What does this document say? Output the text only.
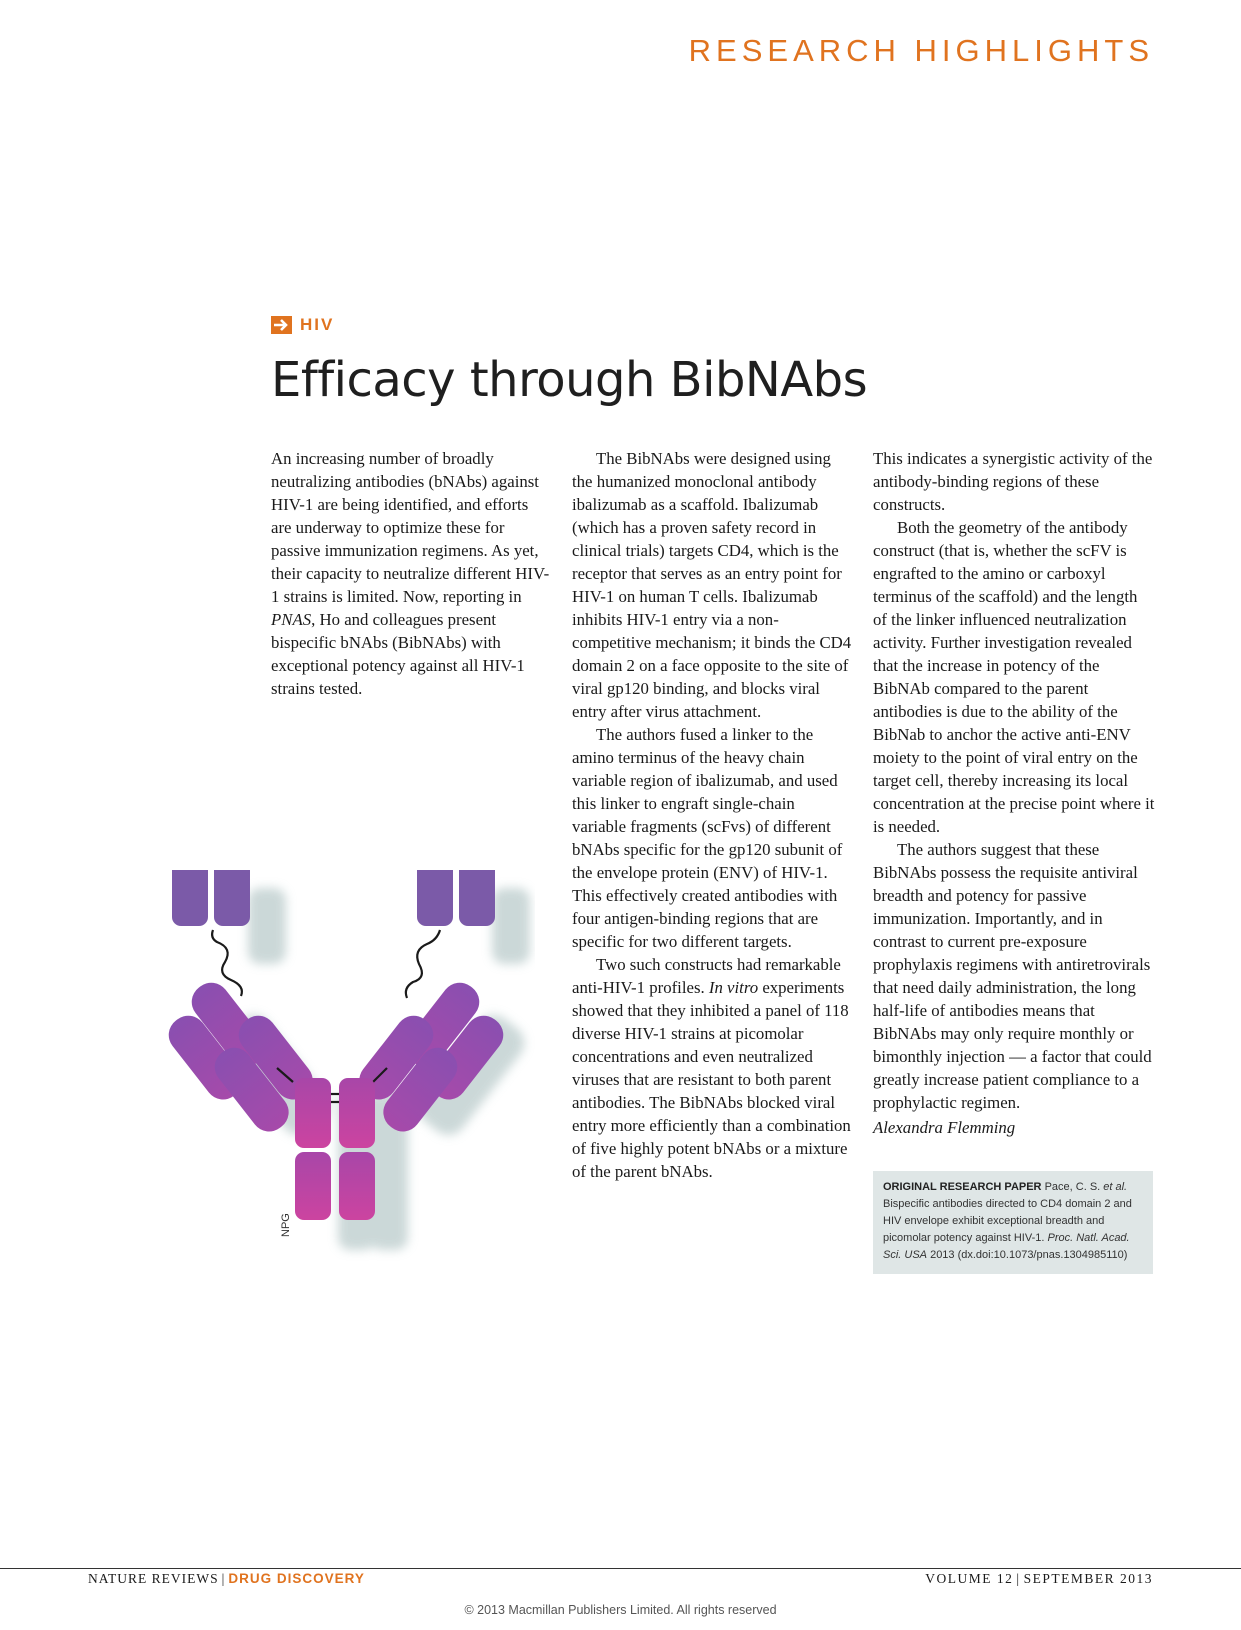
RESEARCH HIGHLIGHTS
HIV
Efficacy through BibNAbs

An increasing number of broadly neutralizing antibodies (bNAbs) against HIV-1 are being identified, and efforts are underway to optimize these for passive immunization regimens. As yet, their capacity to neutralize different HIV-1 strains is limited. Now, reporting in PNAS, Ho and colleagues present bispecific bNAbs (BibNAbs) with exceptional potency against all HIV-1 strains tested.

The BibNAbs were designed using the humanized monoclonal antibody ibalizumab as a scaffold. Ibalizumab (which has a proven safety record in clinical trials) targets CD4, which is the receptor that serves as an entry point for HIV-1 on human T cells. Ibalizumab inhibits HIV-1 entry via a non-competitive mechanism; it binds the CD4 domain 2 on a face opposite to the site of viral gp120 binding, and blocks viral entry after virus attachment.

The authors fused a linker to the amino terminus of the heavy chain variable region of ibalizumab, and used this linker to engraft single-chain variable fragments (scFvs) of different bNAbs specific for the gp120 subunit of the envelope protein (ENV) of HIV-1. This effectively created antibodies with four antigen-binding regions that are specific for two different targets.

Two such constructs had remarkable anti-HIV-1 profiles. In vitro experiments showed that they inhibited a panel of 118 diverse HIV-1 strains at picomolar concentrations and even neutralized viruses that are resistant to both parent antibodies. The BibNAbs blocked viral entry more efficiently than a combination of five highly potent bNAbs or a mixture of the parent bNAbs.

This indicates a synergistic activity of the antibody-binding regions of these constructs.

Both the geometry of the antibody construct (that is, whether the scFV is engrafted to the amino or carboxyl terminus of the scaffold) and the length of the linker influenced neutralization activity. Further investigation revealed that the increase in potency of the BibNAb compared to the parent antibodies is due to the ability of the BibNab to anchor the active anti-ENV moiety to the point of viral entry on the target cell, thereby increasing its local concentration at the precise point where it is needed.

The authors suggest that these BibNAbs possess the requisite antiviral breadth and potency for passive immunization. Importantly, and in contrast to current pre-exposure prophylaxis regimens with antiretrovirals that need daily administration, the long half-life of antibodies means that BibNAbs may only require monthly or bimonthly injection — a factor that could greatly increase patient compliance to a prophylactic regimen.

Alexandra Flemming

ORIGINAL RESEARCH PAPER Pace, C. S. et al. Bispecific antibodies directed to CD4 domain 2 and HIV envelope exhibit exceptional breadth and picomolar potency against HIV-1. Proc. Natl. Acad. Sci. USA 2013 (dx.doi:10.1073/pnas.1304985110)
NPG
NATURE REVIEWS | DRUG DISCOVERY	VOLUME 12 | SEPTEMBER 2013
© 2013 Macmillan Publishers Limited. All rights reserved
